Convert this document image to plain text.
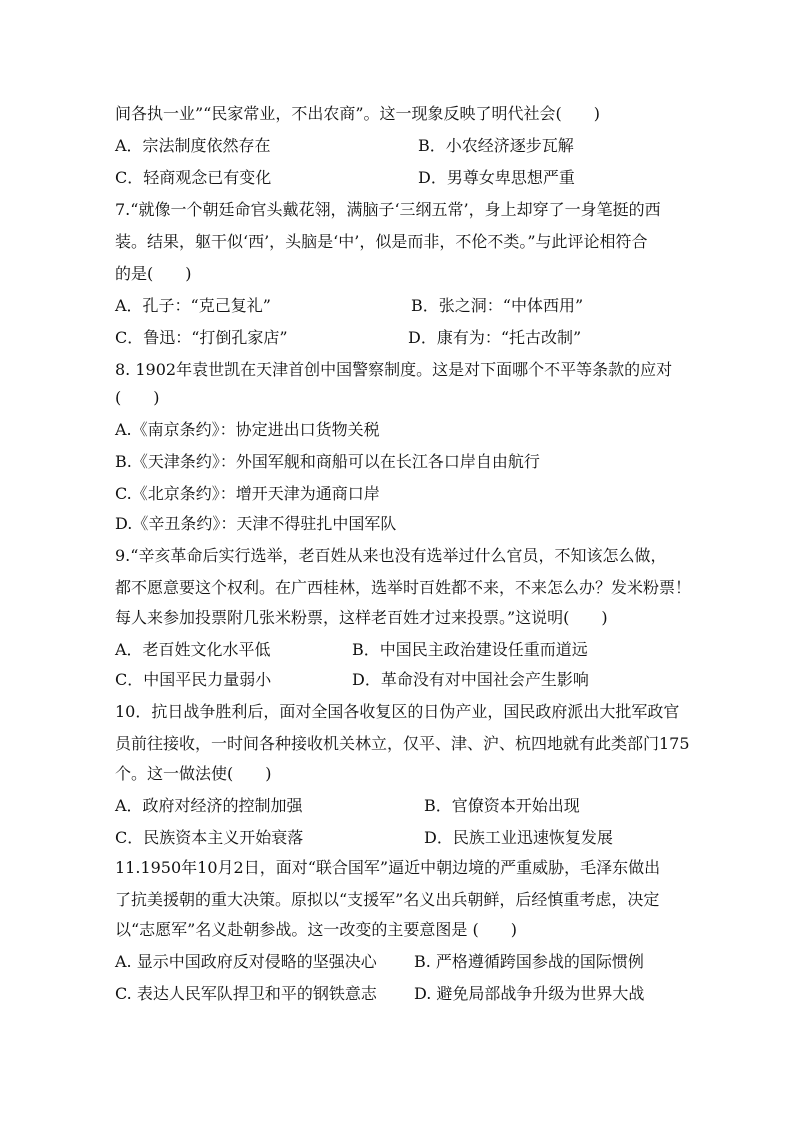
间各执一业”“民家常业，不出农商”。这一现象反映了明代社会(　　)
A．宗法制度依然存在	B．小农经济逐步瓦解
C．轻商观念已有变化	D．男尊女卑思想严重
7.“就像一个朝廷命官头戴花翎，满脑子‘三纲五常’，身上却穿了一身笔挺的西
装。结果，躯干似‘西’，头脑是‘中’，似是而非，不伦不类。”与此评论相符合
的是(　　)
A．孔子：“克己复礼”	B．张之洞：“中体西用”
C．鲁迅：“打倒孔家店”	D．康有为：“托古改制”
8. 1902年袁世凯在天津首创中国警察制度。这是对下面哪个不平等条款的应对
(　　)
A.《南京条约》：协定进出口货物关税
B.《天津条约》：外国军舰和商船可以在长江各口岸自由航行
C.《北京条约》：增开天津为通商口岸
D.《辛丑条约》：天津不得驻扎中国军队
9.“辛亥革命后实行选举，老百姓从来也没有选举过什么官员，不知该怎么做，
都不愿意要这个权利。在广西桂林，选举时百姓都不来，不来怎么办？发米粉票！
每人来参加投票附几张米粉票，这样老百姓才过来投票。”这说明(　　)
A．老百姓文化水平低	B．中国民主政治建设任重而道远
C．中国平民力量弱小	D．革命没有对中国社会产生影响
10．抗日战争胜利后，面对全国各收复区的日伪产业，国民政府派出大批军政官
员前往接收，一时间各种接收机关林立，仅平、津、沪、杭四地就有此类部门175
个。这一做法使(　　)
A．政府对经济的控制加强	B．官僚资本开始出现
C．民族资本主义开始衰落	D．民族工业迅速恢复发展
11.1950年10月2日，面对“联合国军”逼近中朝边境的严重威胁，毛泽东做出
了抗美援朝的重大决策。原拟以“支援军”名义出兵朝鲜，后经慎重考虑，决定
以“志愿军”名义赴朝参战。这一改变的主要意图是 (　　)
A. 显示中国政府反对侵略的坚强决心 B. 严格遵循跨国参战的国际惯例
C. 表达人民军队捍卫和平的钢铁意志 D. 避免局部战争升级为世界大战
